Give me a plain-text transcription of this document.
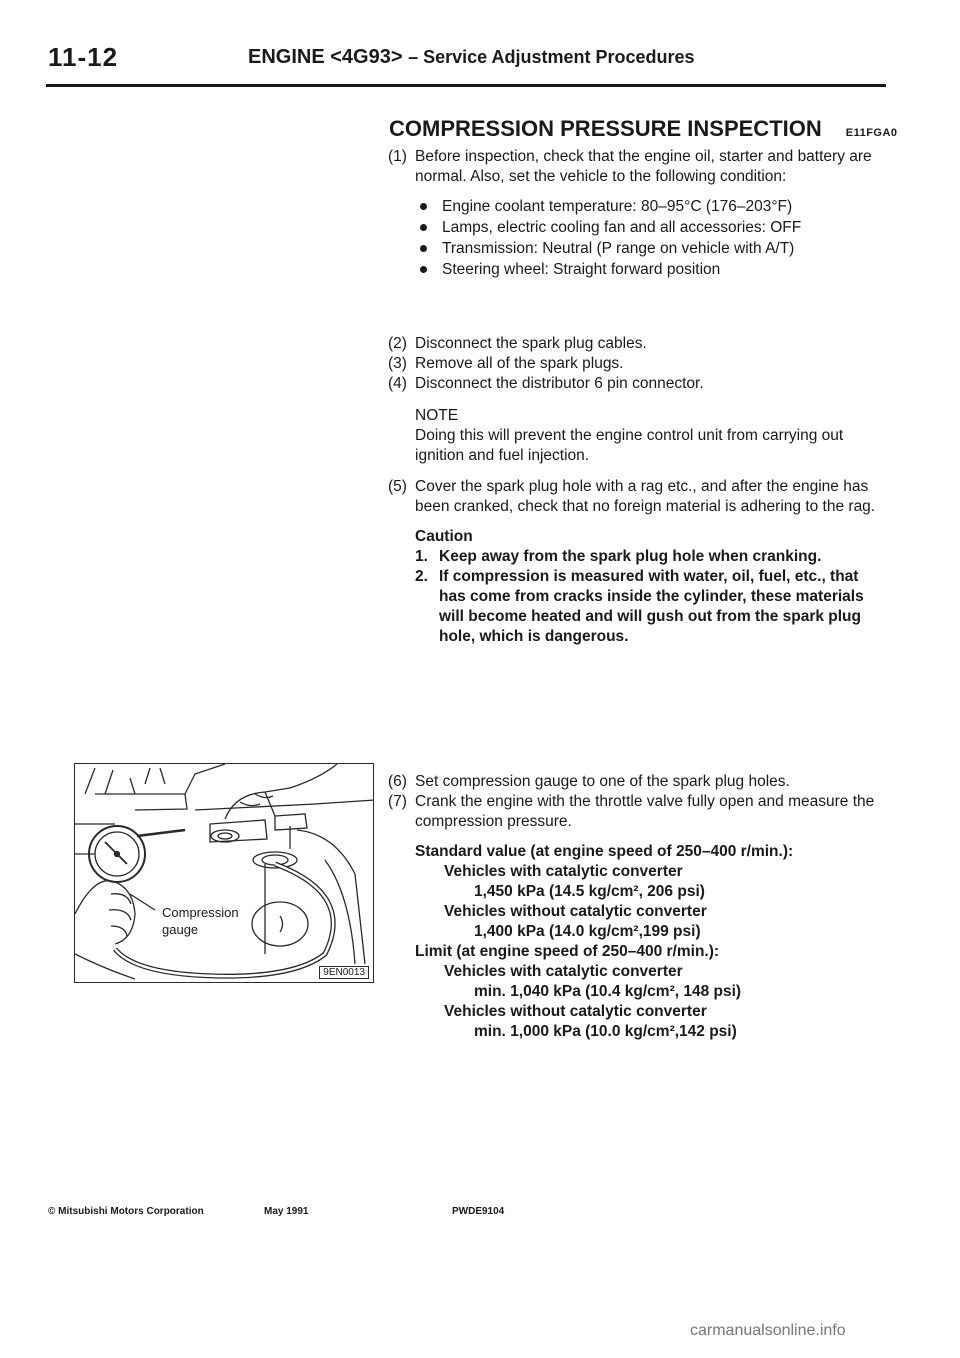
11-12	ENGINE <4G93> – Service Adjustment Procedures
COMPRESSION PRESSURE INSPECTION E11FGA0
(1) Before inspection, check that the engine oil, starter and battery are normal. Also, set the vehicle to the following condition:
Engine coolant temperature: 80–95°C (176–203°F)
Lamps, electric cooling fan and all accessories: OFF
Transmission: Neutral (P range on vehicle with A/T)
Steering wheel: Straight forward position
(2) Disconnect the spark plug cables.
(3) Remove all of the spark plugs.
(4) Disconnect the distributor 6 pin connector.
NOTE
Doing this will prevent the engine control unit from carrying out ignition and fuel injection.
(5) Cover the spark plug hole with a rag etc., and after the engine has been cranked, check that no foreign material is adhering to the rag.
Caution
1. Keep away from the spark plug hole when cranking.
2. If compression is measured with water, oil, fuel, etc., that has come from cracks inside the cylinder, these materials will become heated and will gush out from the spark plug hole, which is dangerous.
Compression
gauge
9EN0013
(6) Set compression gauge to one of the spark plug holes.
(7) Crank the engine with the throttle valve fully open and measure the compression pressure.
Standard value (at engine speed of 250–400 r/min.):
Vehicles with catalytic converter
1,450 kPa (14.5 kg/cm², 206 psi)
Vehicles without catalytic converter
1,400 kPa (14.0 kg/cm²,199 psi)
Limit (at engine speed of 250–400 r/min.):
Vehicles with catalytic converter
min. 1,040 kPa (10.4 kg/cm², 148 psi)
Vehicles without catalytic converter
min. 1,000 kPa (10.0 kg/cm²,142 psi)
© Mitsubishi Motors Corporation	May 1991	PWDE9104
carmanualsonline.info
